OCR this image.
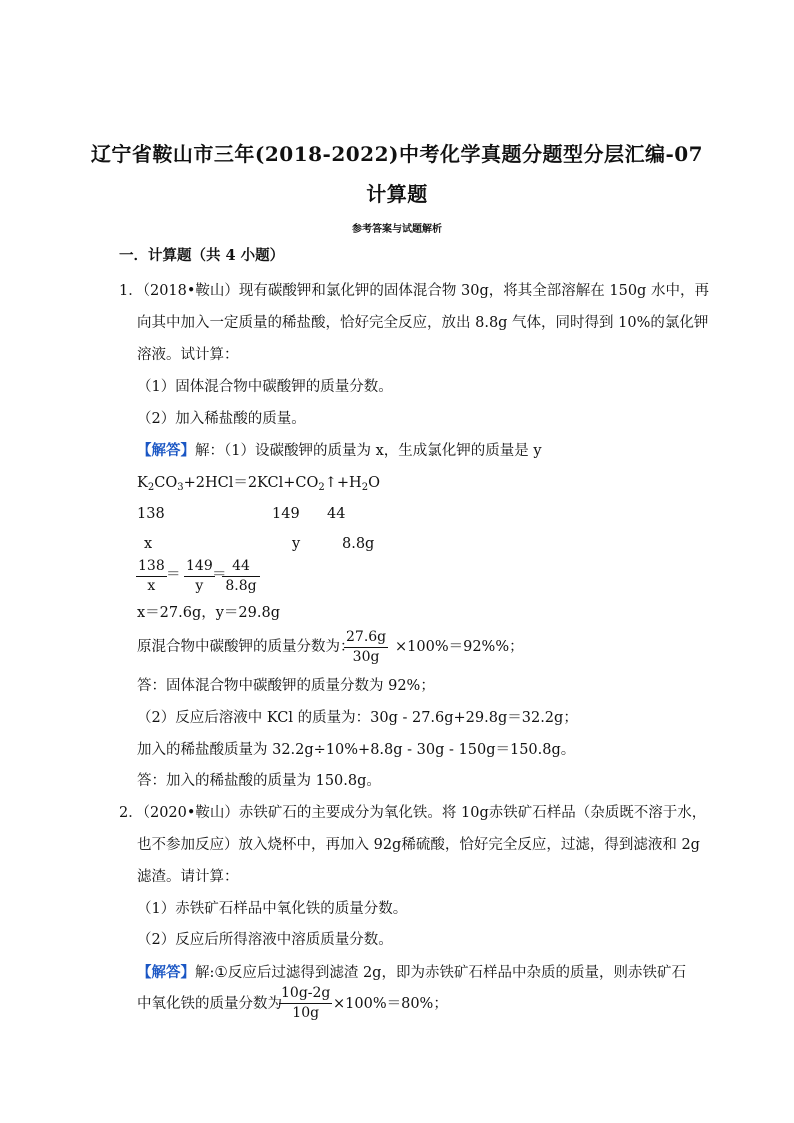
辽宁省鞍山市三年(2018-2022)中考化学真题分题型分层汇编-07
计算题
参考答案与试题解析
一．计算题（共 4 小题）
1．（2018•鞍山）现有碳酸钾和氯化钾的固体混合物 30g，将其全部溶解在 150g 水中，再
向其中加入一定质量的稀盐酸，恰好完全反应，放出 8.8g 气体，同时得到 10%的氯化钾
溶液。试计算：
（1）固体混合物中碳酸钾的质量分数。
（2）加入稀盐酸的质量。
【解答】解：（1）设碳酸钾的质量为 x，生成氯化钾的质量是 y
$K_2CO_3+2HCl=2KCl+CO_2↑+H_2O$
138	149 44
x	y	8.8g
$\frac{138}{x} = \frac{149}{y}$
＝
$\frac{44}{8.8g}$
x＝27.6g，y＝29.8g
原混合物中碳酸钾的质量分数为：
$\frac{27.6g}{30g} \times 100\%=92\%\%$；
答：固体混合物中碳酸钾的质量分数为 92%；
（2）反应后溶液中 KCl 的质量为：30g - 27.6g+29.8g＝32.2g；
加入的稀盐酸质量为 32.2g÷10%+8.8g - 30g - 150g＝150.8g。
答：加入的稀盐酸的质量为 150.8g。
2．（2020•鞍山）赤铁矿石的主要成分为氧化铁。将 10g赤铁矿石样品（杂质既不溶于水，
也不参加反应）放入烧杯中，再加入 92g稀硫酸，恰好完全反应，过滤，得到滤液和 2g
滤渣。请计算：
（1）赤铁矿石样品中氧化铁的质量分数。
（2）反应后所得溶液中溶质质量分数。
【解答】解:①反应后过滤得到滤渣 2g，即为赤铁矿石样品中杂质的质量，则赤铁矿石
中氧化铁的质量分数为
$\frac{10g-2g}{10g} \times 100\%=80\%$；
